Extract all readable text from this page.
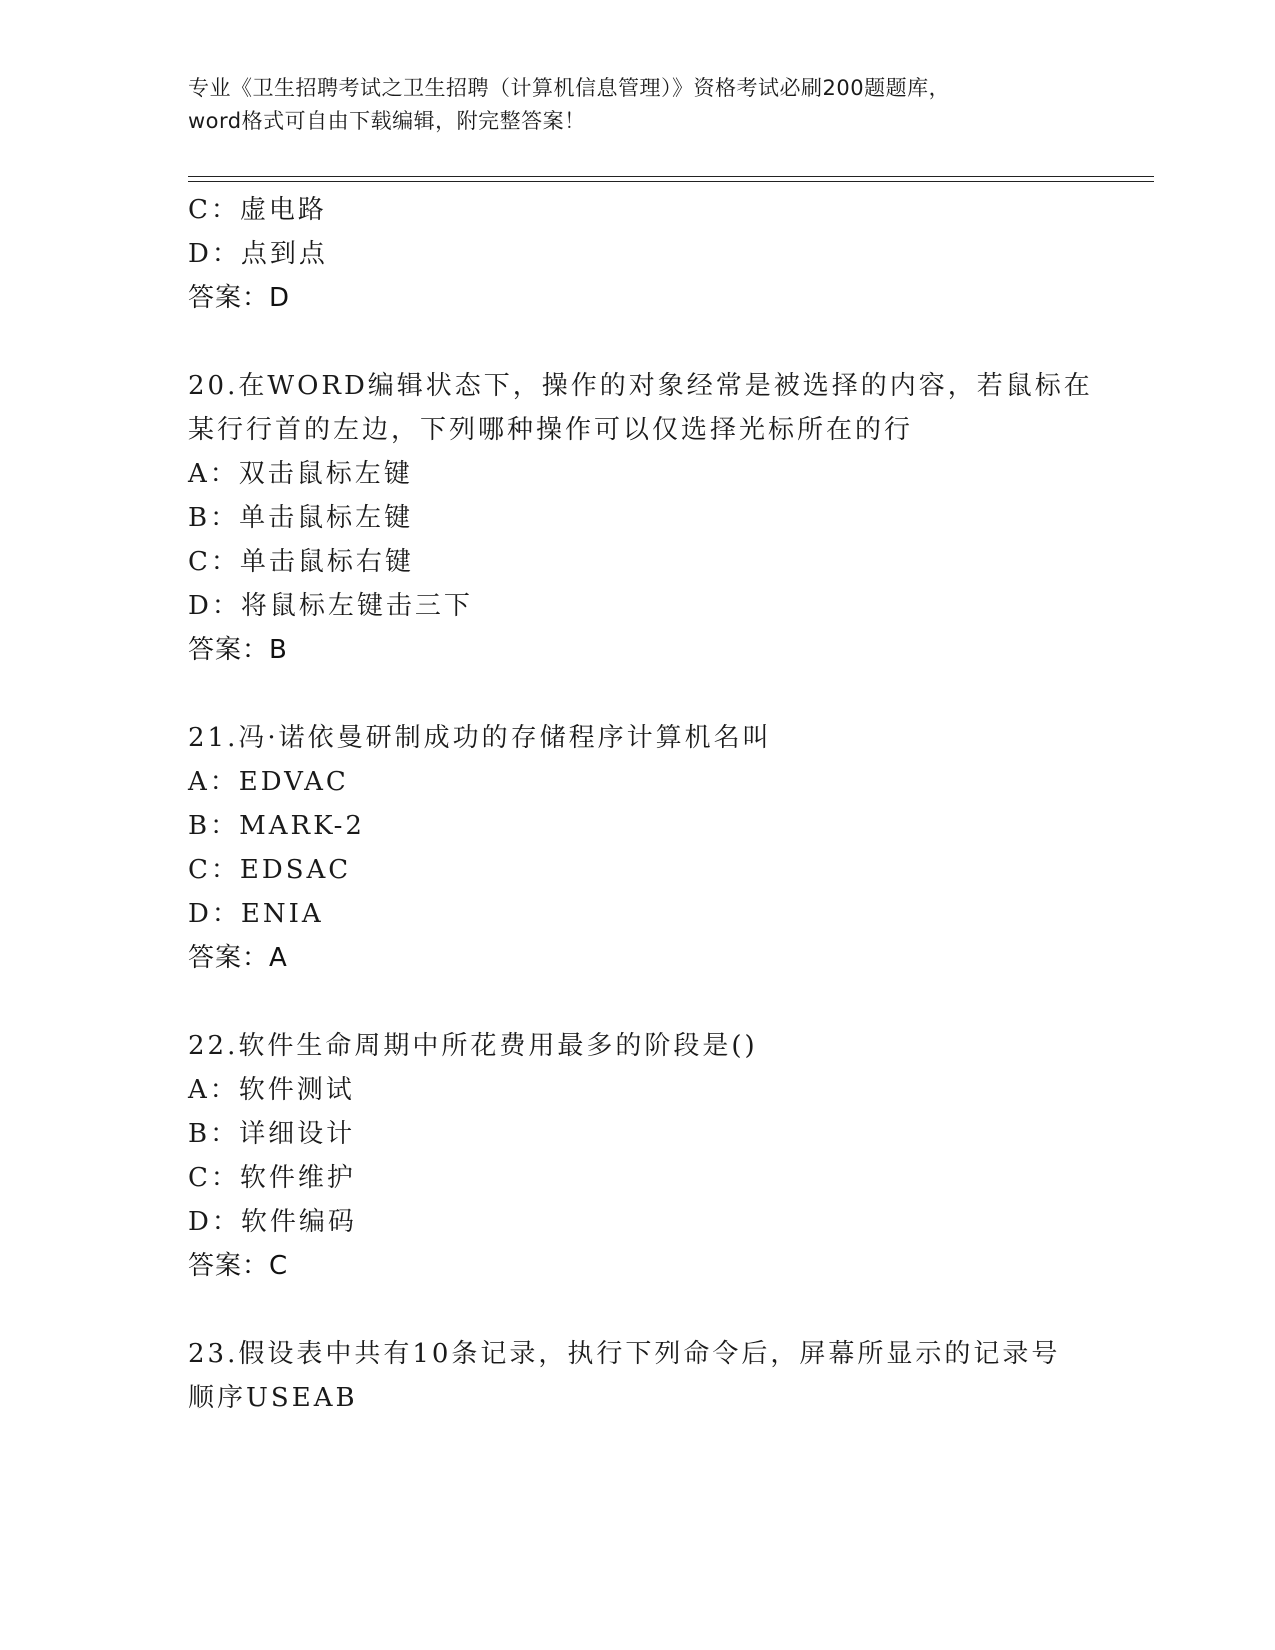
专业《卫生招聘考试之卫生招聘（计算机信息管理）》资格考试必刷200题题库，
word格式可自由下载编辑，附完整答案！
C：虚电路
D：点到点
答案：D
20.在WORD编辑状态下，操作的对象经常是被选择的内容，若鼠标在
某行行首的左边，下列哪种操作可以仅选择光标所在的行
A：双击鼠标左键
B：单击鼠标左键
C：单击鼠标右键
D：将鼠标左键击三下
答案：B
21.冯·诺依曼研制成功的存储程序计算机名叫
A：EDVAC
B：MARK-2
C：EDSAC
D：ENIA
答案：A
22.软件生命周期中所花费用最多的阶段是()
A：软件测试
B：详细设计
C：软件维护
D：软件编码
答案：C
23.假设表中共有10条记录，执行下列命令后，屏幕所显示的记录号
顺序USEAB
